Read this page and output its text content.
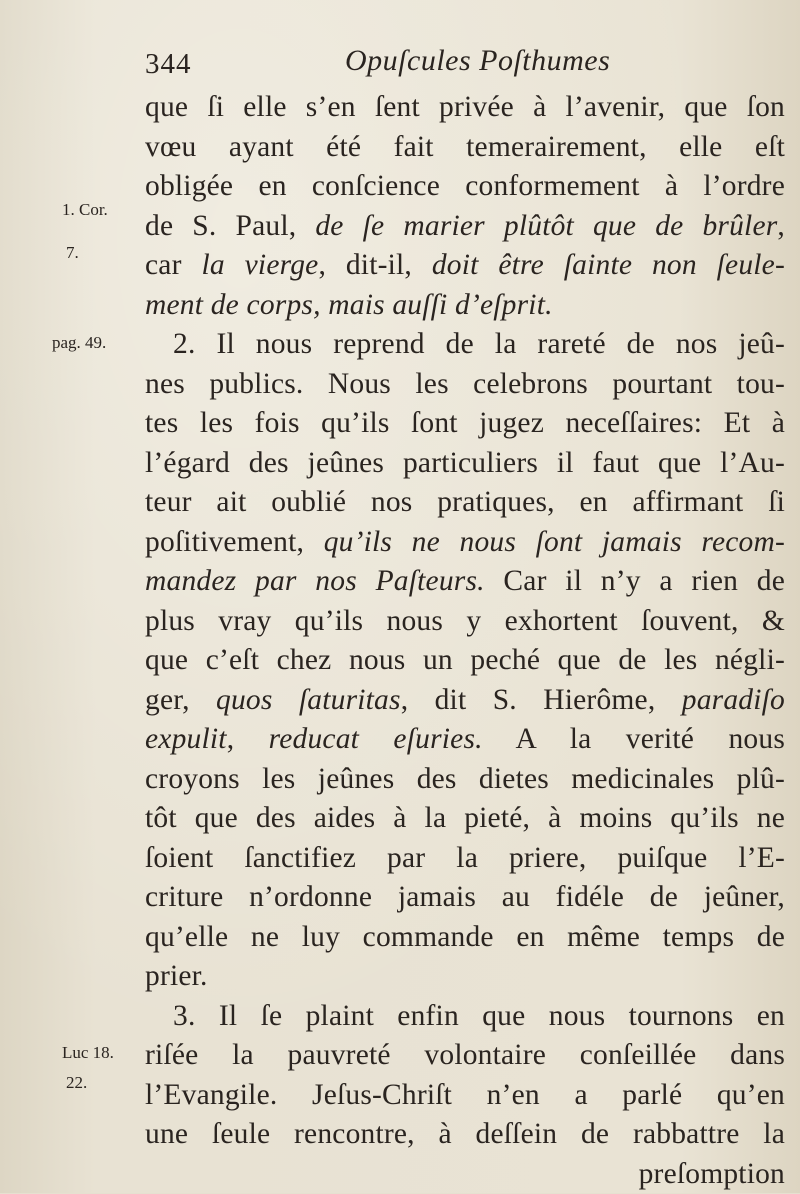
344	Opuſcules Poſthumes
1. Cor.
7.
pag. 49.
Luc 18.
22.
que ſi elle s’en ſent privée à l’avenir, que ſon
vœu ayant été fait temerairement, elle eſt
obligée en conſcience conformement à l’ordre
de S. Paul, de ſe marier plûtôt que de brûler,
car la vierge, dit-il, doit être ſainte non ſeule-
ment de corps, mais auſſi d’eſprit.
2. Il nous reprend de la rareté de nos jeû-
nes publics. Nous les celebrons pourtant tou-
tes les fois qu’ils ſont jugez neceſſaires: Et à
l’égard des jeûnes particuliers il faut que l’Au-
teur ait oublié nos pratiques, en affirmant ſi
poſitivement, qu’ils ne nous ſont jamais recom-
mandez par nos Paſteurs. Car il n’y a rien de
plus vray qu’ils nous y exhortent ſouvent, &
que c’eſt chez nous un peché que de les négli-
ger, quos ſaturitas, dit S. Hierôme, paradiſo
expulit, reducat eſuries. A la verité nous
croyons les jeûnes des dietes medicinales plû-
tôt que des aides à la pieté, à moins qu’ils ne
ſoient ſanctifiez par la priere, puiſque l’E-
criture n’ordonne jamais au fidéle de jeûner,
qu’elle ne luy commande en même temps de
prier.
3. Il ſe plaint enfin que nous tournons en
riſée la pauvreté volontaire conſeillée dans
l’Evangile. Jeſus-Chriſt n’en a parlé qu’en
une ſeule rencontre, à deſſein de rabbattre la
preſomption
